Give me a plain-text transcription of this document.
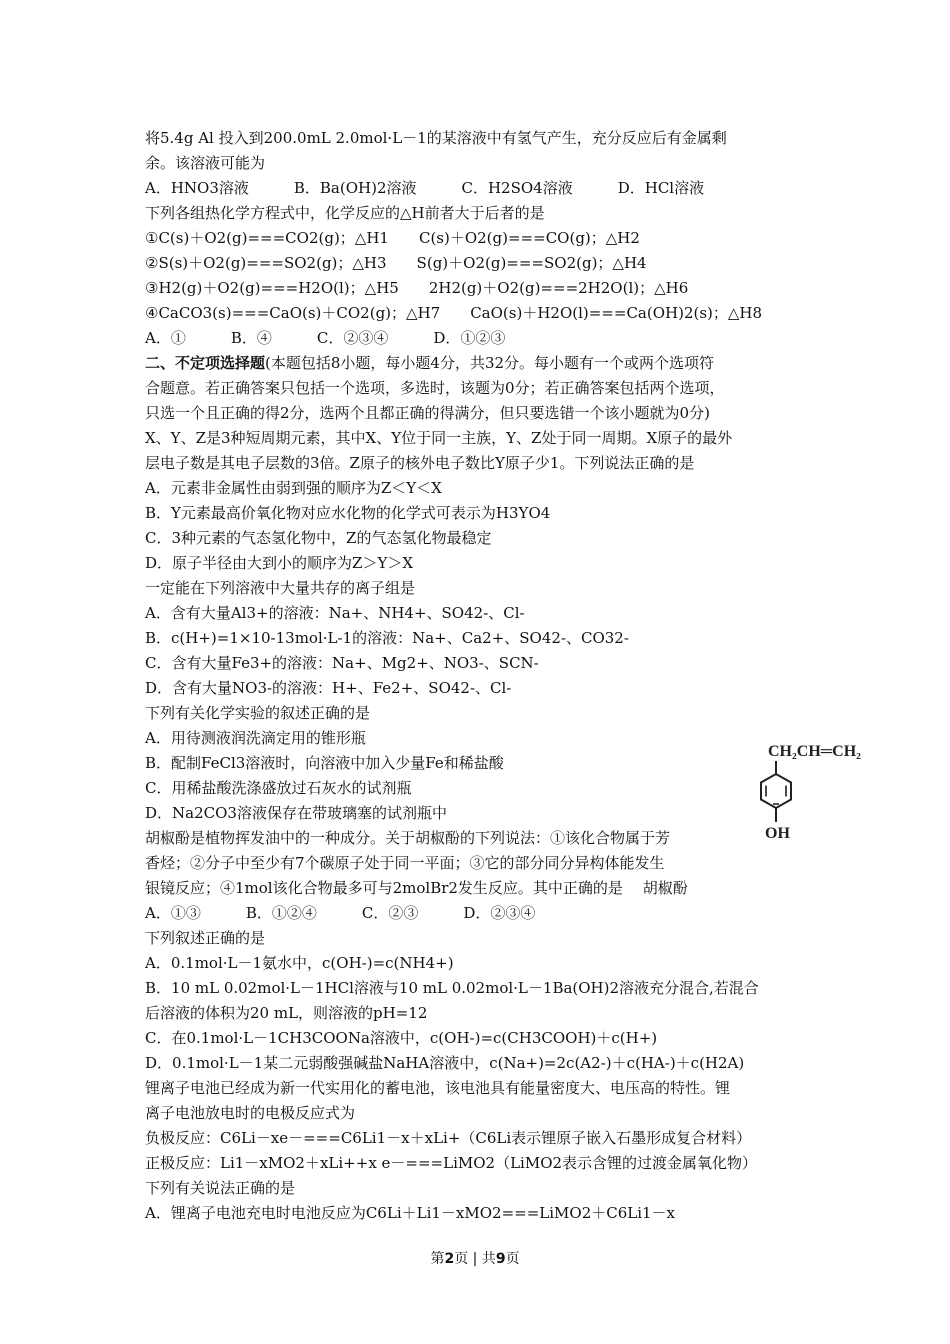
将5.4g Al 投入到200.0mL 2.0mol·L－1的某溶液中有氢气产生，充分反应后有金属剩
余。该溶液可能为
A．HNO3溶液　　　B．Ba(OH)2溶液　　　C．H2SO4溶液　　　D．HCl溶液
下列各组热化学方程式中，化学反应的△H前者大于后者的是
①C(s)＋O2(g)===CO2(g)；△H1　　C(s)＋O2(g)===CO(g)；△H2
②S(s)＋O2(g)===SO2(g)；△H3　　S(g)＋O2(g)===SO2(g)；△H4
③H2(g)＋O2(g)===H2O(l)；△H5　　2H2(g)＋O2(g)===2H2O(l)；△H6
④CaCO3(s)===CaO(s)＋CO2(g)；△H7　　CaO(s)＋H2O(l)===Ca(OH)2(s)；△H8
A．①　　　B．④　　　C．②③④　　　D．①②③
二、不定项选择题(本题包括8小题，每小题4分，共32分。每小题有一个或两个选项符
合题意。若正确答案只包括一个选项，多选时，该题为0分；若正确答案包括两个选项，
只选一个且正确的得2分，选两个且都正确的得满分，但只要选错一个该小题就为0分)
X、Y、Z是3种短周期元素，其中X、Y位于同一主族，Y、Z处于同一周期。X原子的最外
层电子数是其电子层数的3倍。Z原子的核外电子数比Y原子少1。下列说法正确的是
A．元素非金属性由弱到强的顺序为Z＜Y＜X
B．Y元素最高价氧化物对应水化物的化学式可表示为H3YO4
C．3种元素的气态氢化物中，Z的气态氢化物最稳定
D．原子半径由大到小的顺序为Z＞Y＞X
一定能在下列溶液中大量共存的离子组是
A．含有大量Al3+的溶液：Na+、NH4+、SO42-、Cl-
B．c(H+)=1×10-13mol·L-1的溶液：Na+、Ca2+、SO42-、CO32-
C．含有大量Fe3+的溶液：Na+、Mg2+、NO3-、SCN-
D．含有大量NO3-的溶液：H+、Fe2+、SO42-、Cl-
下列有关化学实验的叙述正确的是
A．用待测液润洗滴定用的锥形瓶
B．配制FeCl3溶液时，向溶液中加入少量Fe和稀盐酸
C．用稀盐酸洗涤盛放过石灰水的试剂瓶
D．Na2CO3溶液保存在带玻璃塞的试剂瓶中
胡椒酚是植物挥发油中的一种成分。关于胡椒酚的下列说法：①该化合物属于芳
香烃；②分子中至少有7个碳原子处于同一平面；③它的部分同分异构体能发生
银镜反应；④1mol该化合物最多可与2molBr2发生反应。其中正确的是　 胡椒酚
A．①③　　　B．①②④　　　C．②③　　　D．②③④
下列叙述正确的是
A．0.1mol·L－1氨水中，c(OH-)=c(NH4+)
B．10 mL 0.02mol·L－1HCl溶液与10 mL 0.02mol·L－1Ba(OH)2溶液充分混合,若混合
后溶液的体积为20 mL，则溶液的pH=12
C．在0.1mol·L－1CH3COONa溶液中，c(OH-)=c(CH3COOH)＋c(H+)
D．0.1mol·L－1某二元弱酸强碱盐NaHA溶液中，c(Na+)=2c(A2-)＋c(HA-)＋c(H2A)
锂离子电池已经成为新一代实用化的蓄电池，该电池具有能量密度大、电压高的特性。锂
离子电池放电时的电极反应式为
负极反应：C6Li－xe－===C6Li1－x＋xLi+（C6Li表示锂原子嵌入石墨形成复合材料）
正极反应：Li1－xMO2＋xLi++x e－===LiMO2（LiMO2表示含锂的过渡金属氧化物）
下列有关说法正确的是
A．锂离子电池充电时电池反应为C6Li＋Li1－xMO2===LiMO2＋C6Li1－x
CH₂CH═CH₂
OH
第2页 | 共9页
